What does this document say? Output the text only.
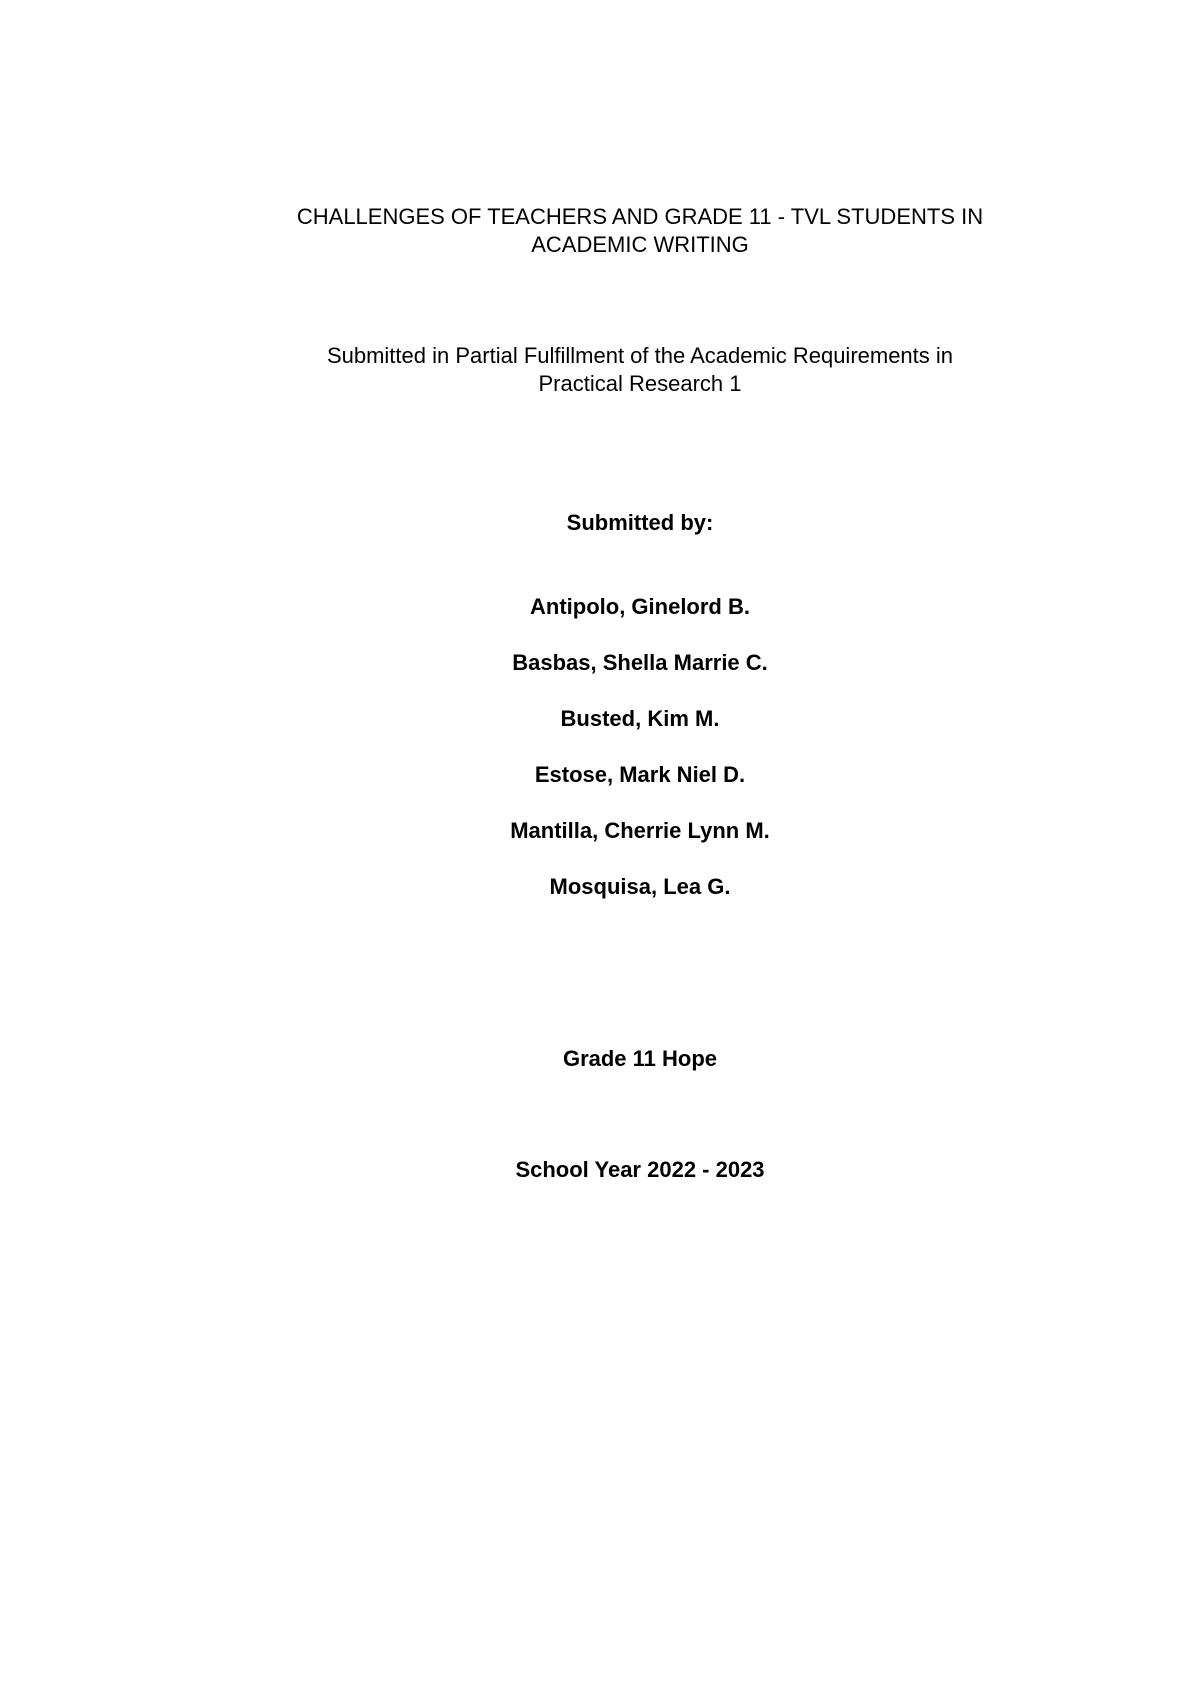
CHALLENGES OF TEACHERS AND GRADE 11 - TVL STUDENTS IN
ACADEMIC WRITING
Submitted in Partial Fulfillment of the Academic Requirements in
Practical Research 1
Submitted by:
Antipolo, Ginelord B.
Basbas, Shella Marrie C.
Busted, Kim M.
Estose, Mark Niel D.
Mantilla, Cherrie Lynn M.
Mosquisa, Lea G.
Grade 11 Hope
School Year 2022 - 2023
